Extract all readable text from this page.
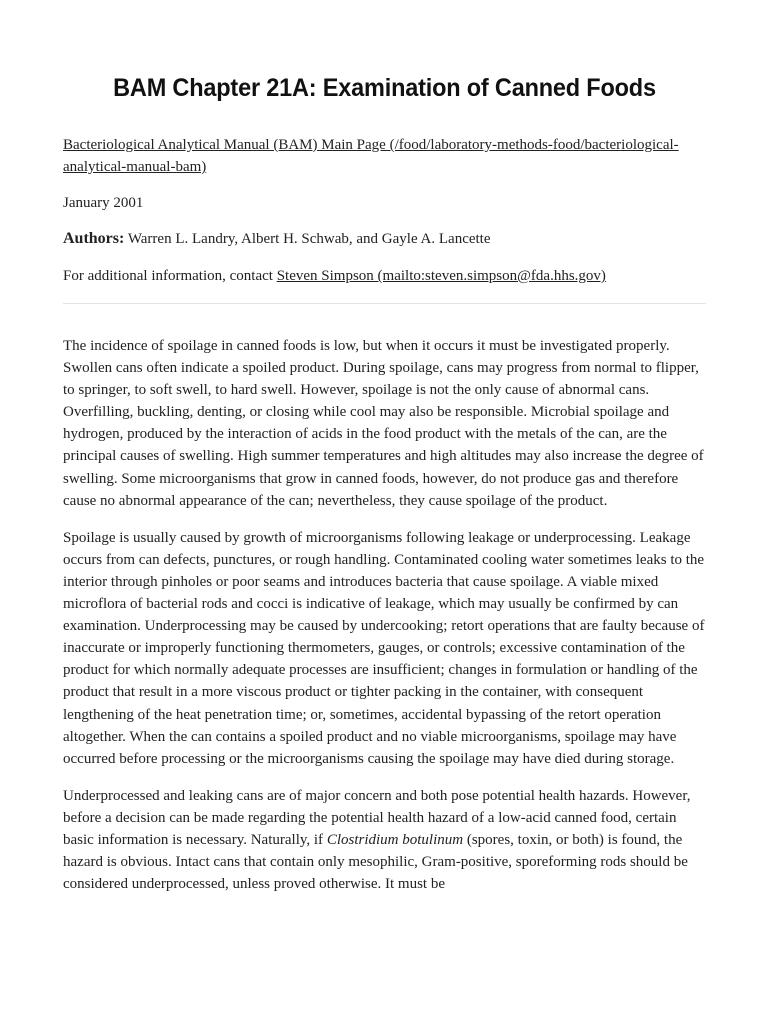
BAM Chapter 21A: Examination of Canned Foods

Bacteriological Analytical Manual (BAM) Main Page (/food/laboratory-methods-food/bacteriological-analytical-manual-bam)

January 2001

Authors: Warren L. Landry, Albert H. Schwab, and Gayle A. Lancette

For additional information, contact Steven Simpson (mailto:steven.simpson@fda.hhs.gov)

The incidence of spoilage in canned foods is low, but when it occurs it must be investigated properly. Swollen cans often indicate a spoiled product. During spoilage, cans may progress from normal to flipper, to springer, to soft swell, to hard swell. However, spoilage is not the only cause of abnormal cans. Overfilling, buckling, denting, or closing while cool may also be responsible. Microbial spoilage and hydrogen, produced by the interaction of acids in the food product with the metals of the can, are the principal causes of swelling. High summer temperatures and high altitudes may also increase the degree of swelling. Some microorganisms that grow in canned foods, however, do not produce gas and therefore cause no abnormal appearance of the can; nevertheless, they cause spoilage of the product.

Spoilage is usually caused by growth of microorganisms following leakage or underprocessing. Leakage occurs from can defects, punctures, or rough handling. Contaminated cooling water sometimes leaks to the interior through pinholes or poor seams and introduces bacteria that cause spoilage. A viable mixed microflora of bacterial rods and cocci is indicative of leakage, which may usually be confirmed by can examination. Underprocessing may be caused by undercooking; retort operations that are faulty because of inaccurate or improperly functioning thermometers, gauges, or controls; excessive contamination of the product for which normally adequate processes are insufficient; changes in formulation or handling of the product that result in a more viscous product or tighter packing in the container, with consequent lengthening of the heat penetration time; or, sometimes, accidental bypassing of the retort operation altogether. When the can contains a spoiled product and no viable microorganisms, spoilage may have occurred before processing or the microorganisms causing the spoilage may have died during storage.

Underprocessed and leaking cans are of major concern and both pose potential health hazards. However, before a decision can be made regarding the potential health hazard of a low-acid canned food, certain basic information is necessary. Naturally, if Clostridium botulinum (spores, toxin, or both) is found, the hazard is obvious. Intact cans that contain only mesophilic, Gram-positive, sporeforming rods should be considered underprocessed, unless proved otherwise. It must be
